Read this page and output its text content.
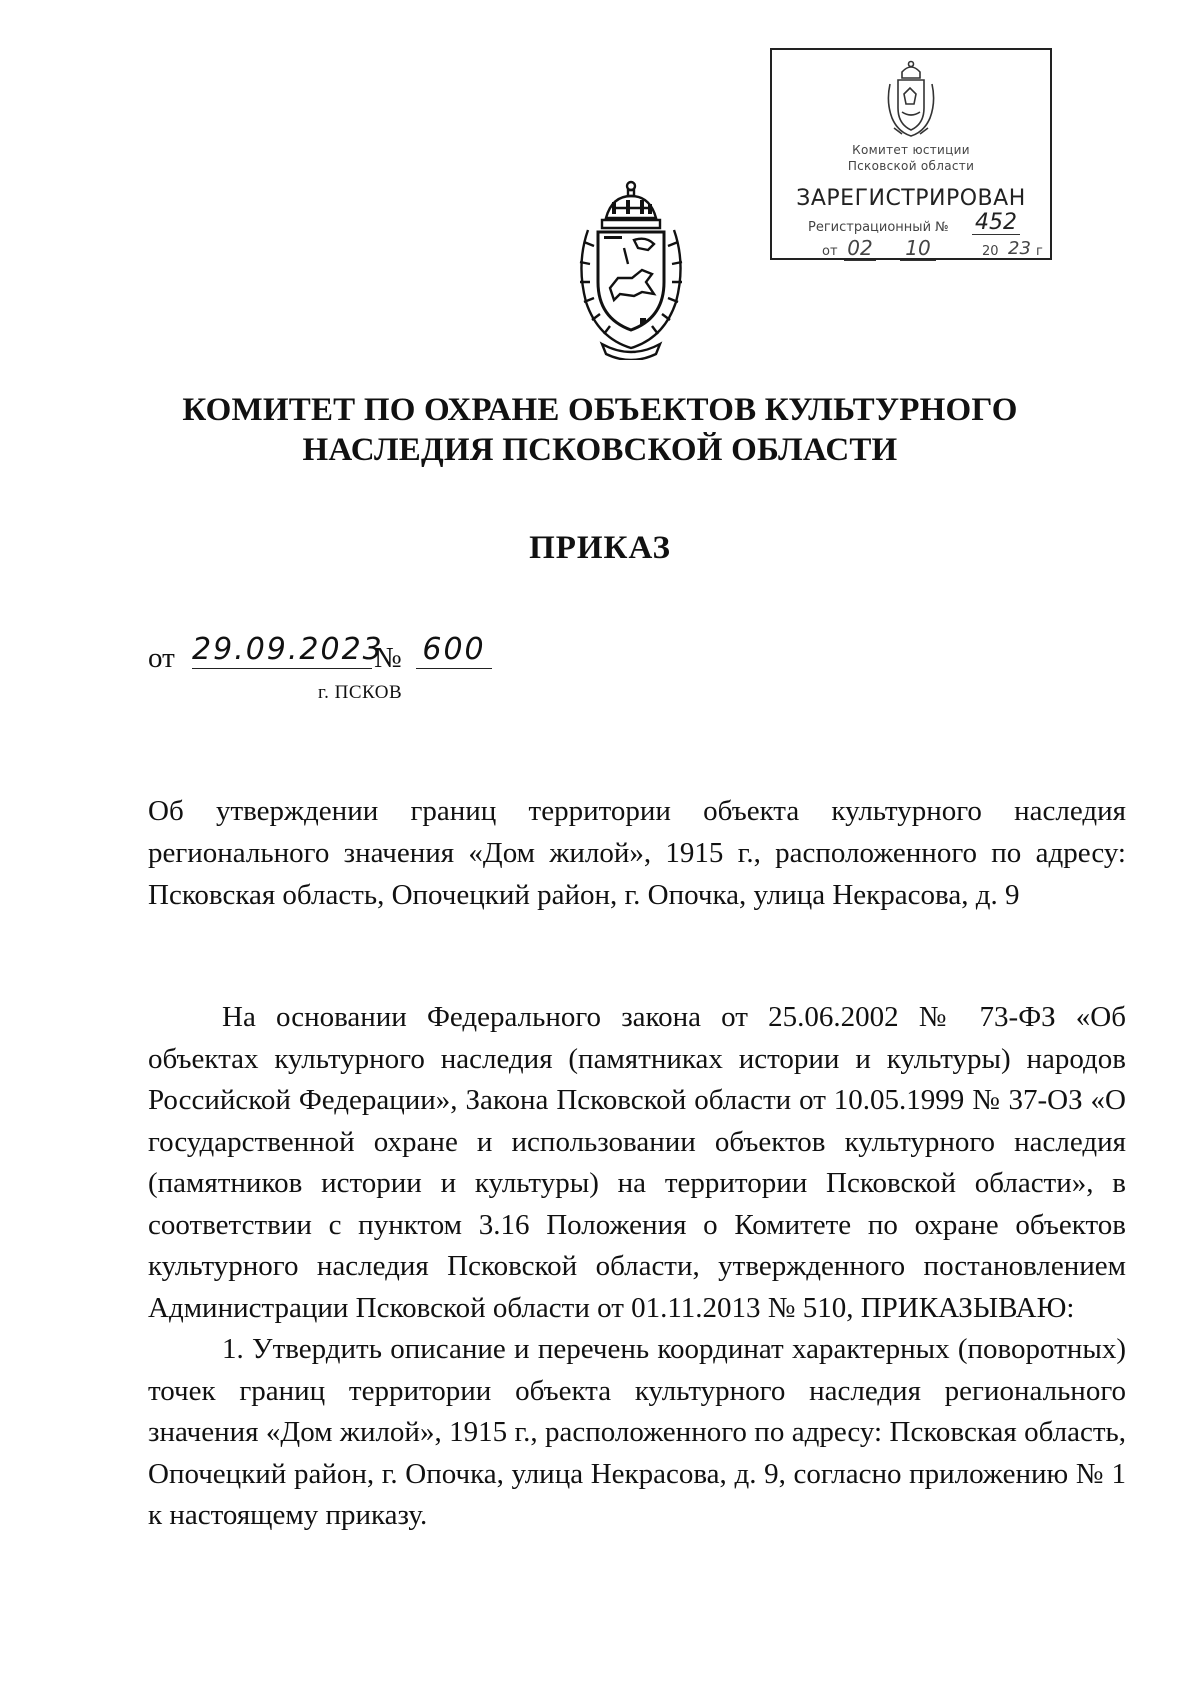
Комитет юстиции
Псковской области
ЗАРЕГИСТРИРОВАН
Регистрационный № 452
от 02 10	20 23 г
КОМИТЕТ ПО ОХРАНЕ ОБЪЕКТОВ КУЛЬТУРНОГО
НАСЛЕДИЯ ПСКОВСКОЙ ОБЛАСТИ
ПРИКАЗ
от 29.09.2023
№ 600
г. ПСКОВ
Об утверждении границ территории объекта культурного наследия регионального значения «Дом жилой», 1915 г., расположенного по адресу: Псковская область, Опочецкий район, г. Опочка, улица Некрасова, д. 9

На основании Федерального закона от 25.06.2002 № 73-ФЗ «Об объектах культурного наследия (памятниках истории и культуры) народов Российской Федерации», Закона Псковской области от 10.05.1999 № 37-ОЗ «О государственной охране и использовании объектов культурного наследия (памятников истории и культуры) на территории Псковской области», в соответствии с пунктом 3.16 Положения о Комитете по охране объектов культурного наследия Псковской области, утвержденного постановлением Администрации Псковской области от 01.11.2013 № 510, ПРИКАЗЫВАЮ:

1. Утвердить описание и перечень координат характерных (поворотных) точек границ территории объекта культурного наследия регионального значения «Дом жилой», 1915 г., расположенного по адресу: Псковская область, Опочецкий район, г. Опочка, улица Некрасова, д. 9, согласно приложению № 1 к настоящему приказу.
